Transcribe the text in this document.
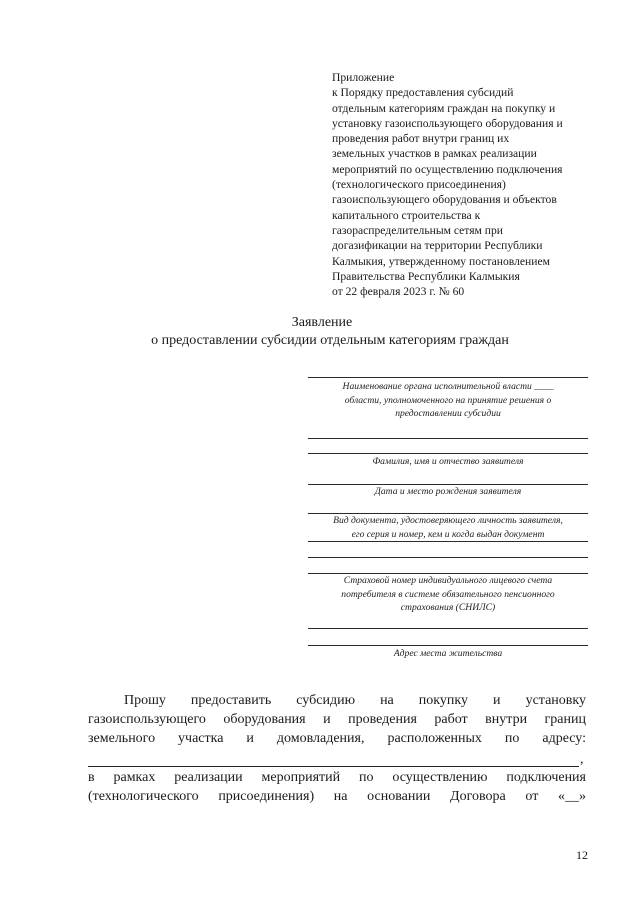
Приложение
к Порядку предоставления субсидий
отдельным категориям граждан на покупку и
установку газоиспользующего оборудования и
проведения работ внутри границ их
земельных участков в рамках реализации
мероприятий по осуществлению подключения
(технологического присоединения)
газоиспользующего оборудования и объектов
капитального строительства к
газораспределительным сетям при
догазификации на территории Республики
Калмыкия, утвержденному постановлением
Правительства Республики Калмыкия
от 22 февраля 2023 г. № 60
Заявление
о предоставлении субсидии отдельным категориям граждан
Наименование органа исполнительной власти ____
области, уполномоченного на принятие решения о
предоставлении субсидии
Фамилия, имя и отчество заявителя
Дата и место рождения заявителя
Вид документа, удостоверяющего личность заявителя,
его серия и номер, кем и когда выдан документ
Страховой номер индивидуального лицевого счета
потребителя в системе обязательного пенсионного
страхования (СНИЛС)
Адрес места жительства
Прошу предоставить субсидию на покупку и установку
газоиспользующего оборудования и проведения работ внутри границ
земельного участка и домовладения, расположенных по адресу:
в рамках реализации мероприятий по осуществлению подключения
(технологического присоединения) на основании Договора от «__»
,
12
